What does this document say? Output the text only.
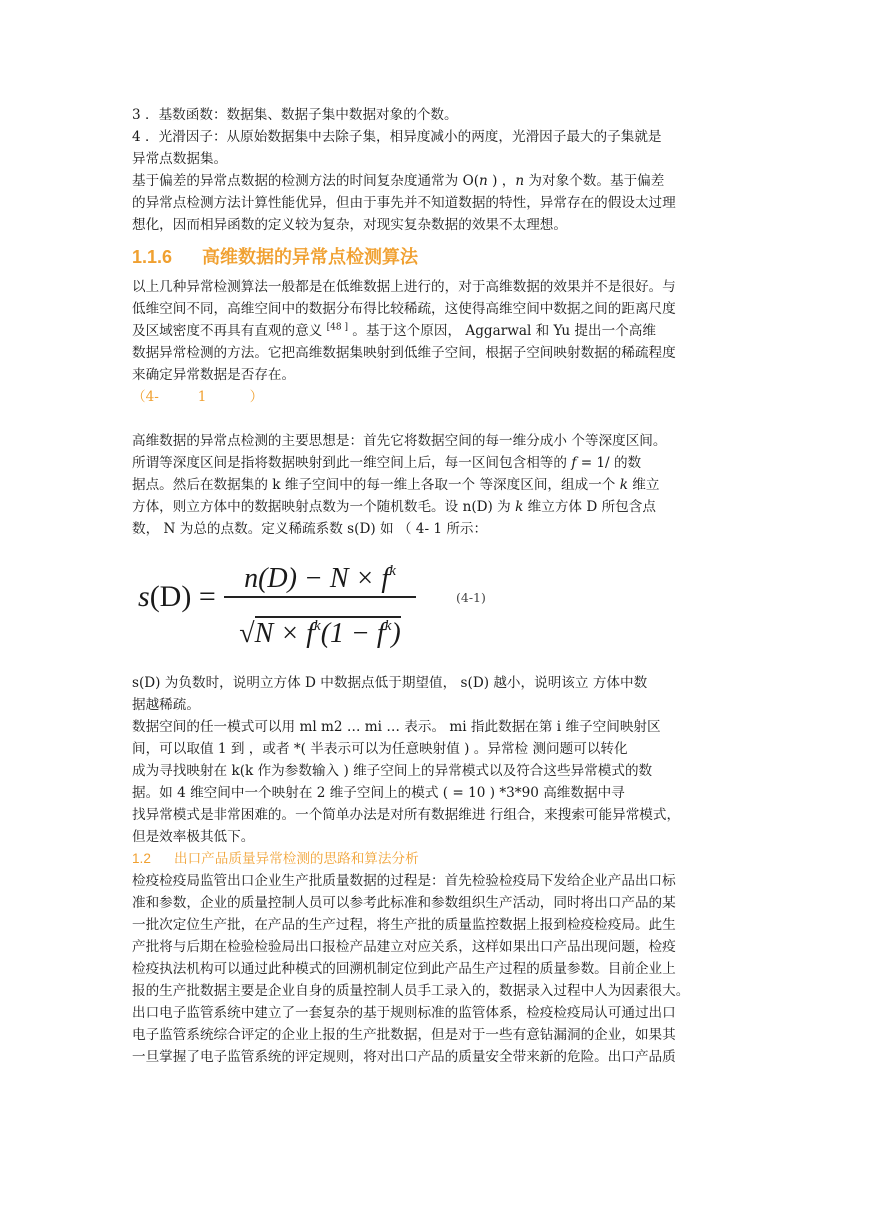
3 ．基数函数：数据集、数据子集中数据对象的个数。

4 ．光滑因子：从原始数据集中去除子集，相异度减小的两度，光滑因子最大的子集就是

异常点数据集。

基于偏差的异常点数据的检测方法的时间复杂度通常为 O(n ) ，n 为对象个数。基于偏差

的异常点检测方法计算性能优异，但由于事先并不知道数据的特性，异常存在的假设太过理

想化，因而相异函数的定义较为复杂，对现实复杂数据的效果不太理想。

1.1.6 高维数据的异常点检测算法

以上几种异常检测算法一般都是在低维数据上进行的，对于高维数据的效果并不是很好。与

低维空间不同，高维空间中的数据分布得比较稀疏，这使得高维空间中数据之间的距离尺度

及区域密度不再具有直观的意义 [48 ] 。基于这个原因， Aggarwal 和 Yu 提出一个高维

数据异常检测的方法。它把高维数据集映射到低维子空间，根据子空间映射数据的稀疏程度

来确定异常数据是否存在。

（4-         1          ）

高维数据的异常点检测的主要思想是：首先它将数据空间的每一维分成小 个等深度区间。

所谓等深度区间是指将数据映射到此一维空间上后，每一区间包含相等的 f = 1/ 的数

据点。然后在数据集的 k 维子空间中的每一维上各取一个 等深度区间，组成一个 k 维立

方体，则立方体中的数据映射点数为一个随机数毛。设 n(D) 为 k 维立方体 D 所包含点

数， N 为总的点数。定义稀疏系数 s(D) 如 （ 4- 1 所示：

s(D) =
$n(D) - N \times f^k$
$√N \times f^k(1 - f^k)$
(4-1)

s(D) 为负数时，说明立方体 D 中数据点低于期望值， s(D) 越小，说明该立 方体中数

据越稀疏。

数据空间的任一模式可以用 ml m2 … mi … 表示。 mi 指此数据在第 i 维子空间映射区

间，可以取值 1 到 ，或者 *( 半表示可以为任意映射值 ) 。异常检 测问题可以转化

成为寻找映射在 k(k 作为参数输入 ) 维子空间上的异常模式以及符合这些异常模式的数

据。如 4 维空间中一个映射在 2 维子空间上的模式 ( = 10 ) *3*90 高维数据中寻

找异常模式是非常困难的。一个简单办法是对所有数据维进 行组合，来搜索可能异常模式，

但是效率极其低下。

1.2 出口产品质量异常检测的思路和算法分析

检疫检疫局监管出口企业生产批质量数据的过程是：首先检验检疫局下发给企业产品出口标

准和参数，企业的质量控制人员可以参考此标准和参数组织生产活动，同时将出口产品的某

一批次定位生产批，在产品的生产过程，将生产批的质量监控数据上报到检疫检疫局。此生

产批将与后期在检验检验局出口报检产品建立对应关系，这样如果出口产品出现问题，检疫

检疫执法机构可以通过此种模式的回溯机制定位到此产品生产过程的质量参数。目前企业上

报的生产批数据主要是企业自身的质量控制人员手工录入的，数据录入过程中人为因素很大。

出口电子监管系统中建立了一套复杂的基于规则标准的监管体系，检疫检疫局认可通过出口

电子监管系统综合评定的企业上报的生产批数据，但是对于一些有意钻漏洞的企业，如果其

一旦掌握了电子监管系统的评定规则，将对出口产品的质量安全带来新的危险。出口产品质
